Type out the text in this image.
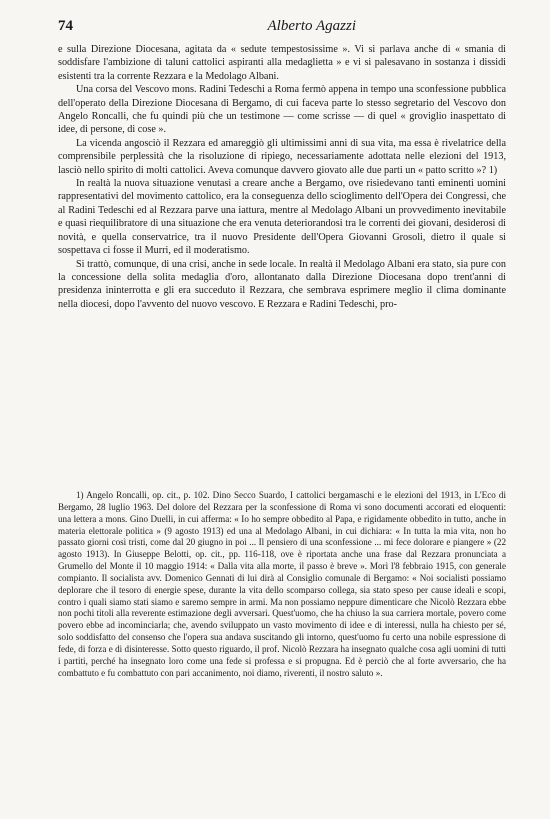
74	Alberto Agazzi

e sulla Direzione Diocesana, agitata da « sedute tempestosissime ». Vi si parlava anche di « smania di soddisfare l'ambizione di taluni cattolici aspiranti alla medaglietta » e vi si palesavano in sostanza i dissidi esistenti tra la corrente Rezzara e la Medolago Albani.

Una corsa del Vescovo mons. Radini Tedeschi a Roma fermò appena in tempo una sconfessione pubblica dell'operato della Direzione Diocesana di Bergamo, di cui faceva parte lo stesso segretario del Vescovo don Angelo Roncalli, che fu quindi più che un testimone — come scrisse — di quel « groviglio inaspettato di idee, di persone, di cose ».

La vicenda angosciò il Rezzara ed amareggiò gli ultimissimi anni di sua vita, ma essa è rivelatrice della comprensibile perplessità che la risoluzione di ripiego, necessariamente adottata nelle elezioni del 1913, lasciò nello spirito di molti cattolici. Aveva comunque davvero giovato alle due parti un « patto scritto »? 1)

In realtà la nuova situazione venutasi a creare anche a Bergamo, ove risiedevano tanti eminenti uomini rappresentativi del movimento cattolico, era la conseguenza dello scioglimento dell'Opera dei Congressi, che al Radini Tedeschi ed al Rezzara parve una iattura, mentre al Medolago Albani un provvedimento inevitabile e quasi riequilibratore di una situazione che era venuta deteriorandosi tra le correnti dei giovani, desiderosi di novità, e quella conservatrice, tra il nuovo Presidente dell'Opera Giovanni Grosoli, dietro il quale si sospettava ci fosse il Murri, ed il moderatismo.

Si trattò, comunque, di una crisi, anche in sede locale. In realtà il Medolago Albani era stato, sia pure con la concessione della solita medaglia d'oro, allontanato dalla Direzione Diocesana dopo trent'anni di presidenza ininterrotta e gli era succeduto il Rezzara, che sembrava esprimere meglio il clima dominante nella diocesi, dopo l'avvento del nuovo vescovo. E Rezzara e Radini Tedeschi, pro-

1) Angelo Roncalli, op. cit., p. 102. Dino Secco Suardo, I cattolici bergamaschi e le elezioni del 1913, in L'Eco di Bergamo, 28 luglio 1963. Del dolore del Rezzara per la sconfessione di Roma vi sono documenti accorati ed eloquenti: una lettera a mons. Gino Duelli, in cui afferma: « Io ho sempre obbedito al Papa, e rigidamente obbedito in tutto, anche in materia elettorale politica » (9 agosto 1913) ed una al Medolago Albani, in cui dichiara: « In tutta la mia vita, non ho passato giorni così tristi, come dal 20 giugno in poi ... Il pensiero di una sconfessione ... mi fece dolorare e piangere » (22 agosto 1913). In Giuseppe Belotti, op. cit., pp. 116-118, ove è riportata anche una frase dal Rezzara pronunciata a Grumello del Monte il 10 maggio 1914: « Dalla vita alla morte, il passo è breve ». Morì l'8 febbraio 1915, con generale compianto. Il socialista avv. Domenico Gennati di lui dirà al Consiglio comunale di Bergamo: « Noi socialisti possiamo deplorare che il tesoro di energie spese, durante la vita dello scomparso collega, sia stato speso per cause ideali e scopi, contro i quali siamo stati siamo e saremo sempre in armi. Ma non possiamo neppure dimenticare che Nicolò Rezzara ebbe non pochi titoli alla reverente estimazione degli avversari. Quest'uomo, che ha chiuso la sua carriera mortale, povero come povero ebbe ad incominciarla; che, avendo sviluppato un vasto movimento di idee e di interessi, nulla ha chiesto per sé, solo soddisfatto del consenso che l'opera sua andava suscitando gli intorno, quest'uomo fu certo una nobile espressione di fede, di forza e di disinteresse. Sotto questo riguardo, il prof. Nicolò Rezzara ha insegnato qualche cosa agli uomini di tutti i partiti, perché ha insegnato loro come una fede si professa e si propugna. Ed è perciò che al forte avversario, che ha combattuto e fu combattuto con pari accanimento, noi diamo, riverenti, il nostro saluto ».
